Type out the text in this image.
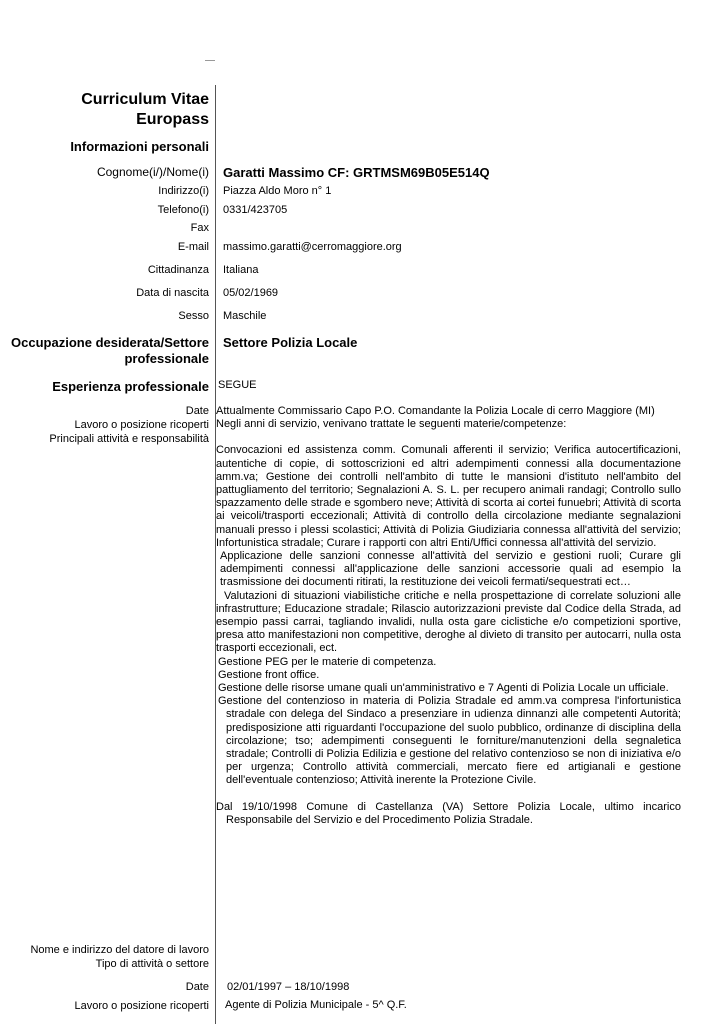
Curriculum Vitae
Europass
Informazioni personali
Cognome(i/)/Nome(i) Garatti Massimo CF: GRTMSM69B05E514Q
Indirizzo(i) Piazza Aldo Moro n° 1
Telefono(i) 0331/423705
Fax
E-mail massimo.garatti@cerromaggiore.org
Cittadinanza Italiana
Data di nascita 05/02/1969
Sesso Maschile
Occupazione desiderata/Settore
professionale
Settore Polizia Locale
Esperienza professionale SEGUE
Date
Lavoro o posizione ricoperti
Principali attività e responsabilità

Attualmente Commissario Capo P.O. Comandante la Polizia Locale di cerro Maggiore (MI)

Negli anni di servizio, venivano trattate le seguenti materie/competenze:

Convocazioni ed assistenza comm. Comunali afferenti il servizio; Verifica autocertificazioni, autentiche di copie, di sottoscrizioni ed altri adempimenti connessi alla documentazione amm.va; Gestione dei controlli nell'ambito di tutte le mansioni d'istituto nell'ambito del pattugliamento del territorio; Segnalazioni A. S. L. per recupero animali randagi; Controllo sullo spazzamento delle strade e sgombero neve; Attività di scorta ai cortei funuebri; Attività di scorta ai veicoli/trasporti eccezionali; Attività di controllo della circolazione mediante segnalazioni manuali presso i plessi scolastici; Attività di Polizia Giudiziaria connessa all'attività del servizio; Infortunistica stradale; Curare i rapporti con altri Enti/Uffici connessa all'attività del servizio.

Applicazione delle sanzioni connesse all'attività del servizio e gestioni ruoli; Curare gli adempimenti connessi all'applicazione delle sanzioni accessorie quali ad esempio la trasmissione dei documenti ritirati, la restituzione dei veicoli fermati/sequestrati ect…

Valutazioni di situazioni viabilistiche critiche e nella prospettazione di correlate soluzioni alle infrastrutture; Educazione stradale; Rilascio autorizzazioni previste dal Codice della Strada, ad esempio passi carrai, tagliando invalidi, nulla osta gare ciclistiche e/o competizioni sportive, presa atto manifestazioni non competitive, deroghe al divieto di transito per autocarri, nulla osta trasporti eccezionali, ect.

Gestione PEG per le materie di competenza.

Gestione front office.

Gestione delle risorse umane quali un'amministrativo e 7 Agenti di Polizia Locale un ufficiale.

Gestione del contenzioso in materia di Polizia Stradale ed amm.va compresa l'infortunistica stradale con delega del Sindaco a presenziare in udienza dinnanzi alle competenti Autorità; predisposizione atti riguardanti l'occupazione del suolo pubblico, ordinanze di disciplina della circolazione; tso; adempimenti conseguenti le forniture/manutenzioni della segnaletica stradale; Controlli di Polizia Edilizia e gestione del relativo contenzioso se non di iniziativa e/o per urgenza; Controllo attività commerciali, mercato fiere ed artigianali e gestione dell'eventuale contenzioso; Attività inerente la Protezione Civile.

Dal 19/10/1998 Comune di Castellanza (VA) Settore Polizia Locale, ultimo incarico Responsabile del Servizio e del Procedimento Polizia Stradale.

Nome e indirizzo del datore di lavoro
Tipo di attività o settore
Date 02/01/1997 – 18/10/1998
Lavoro o posizione ricoperti Agente di Polizia Municipale - 5^ Q.F.
